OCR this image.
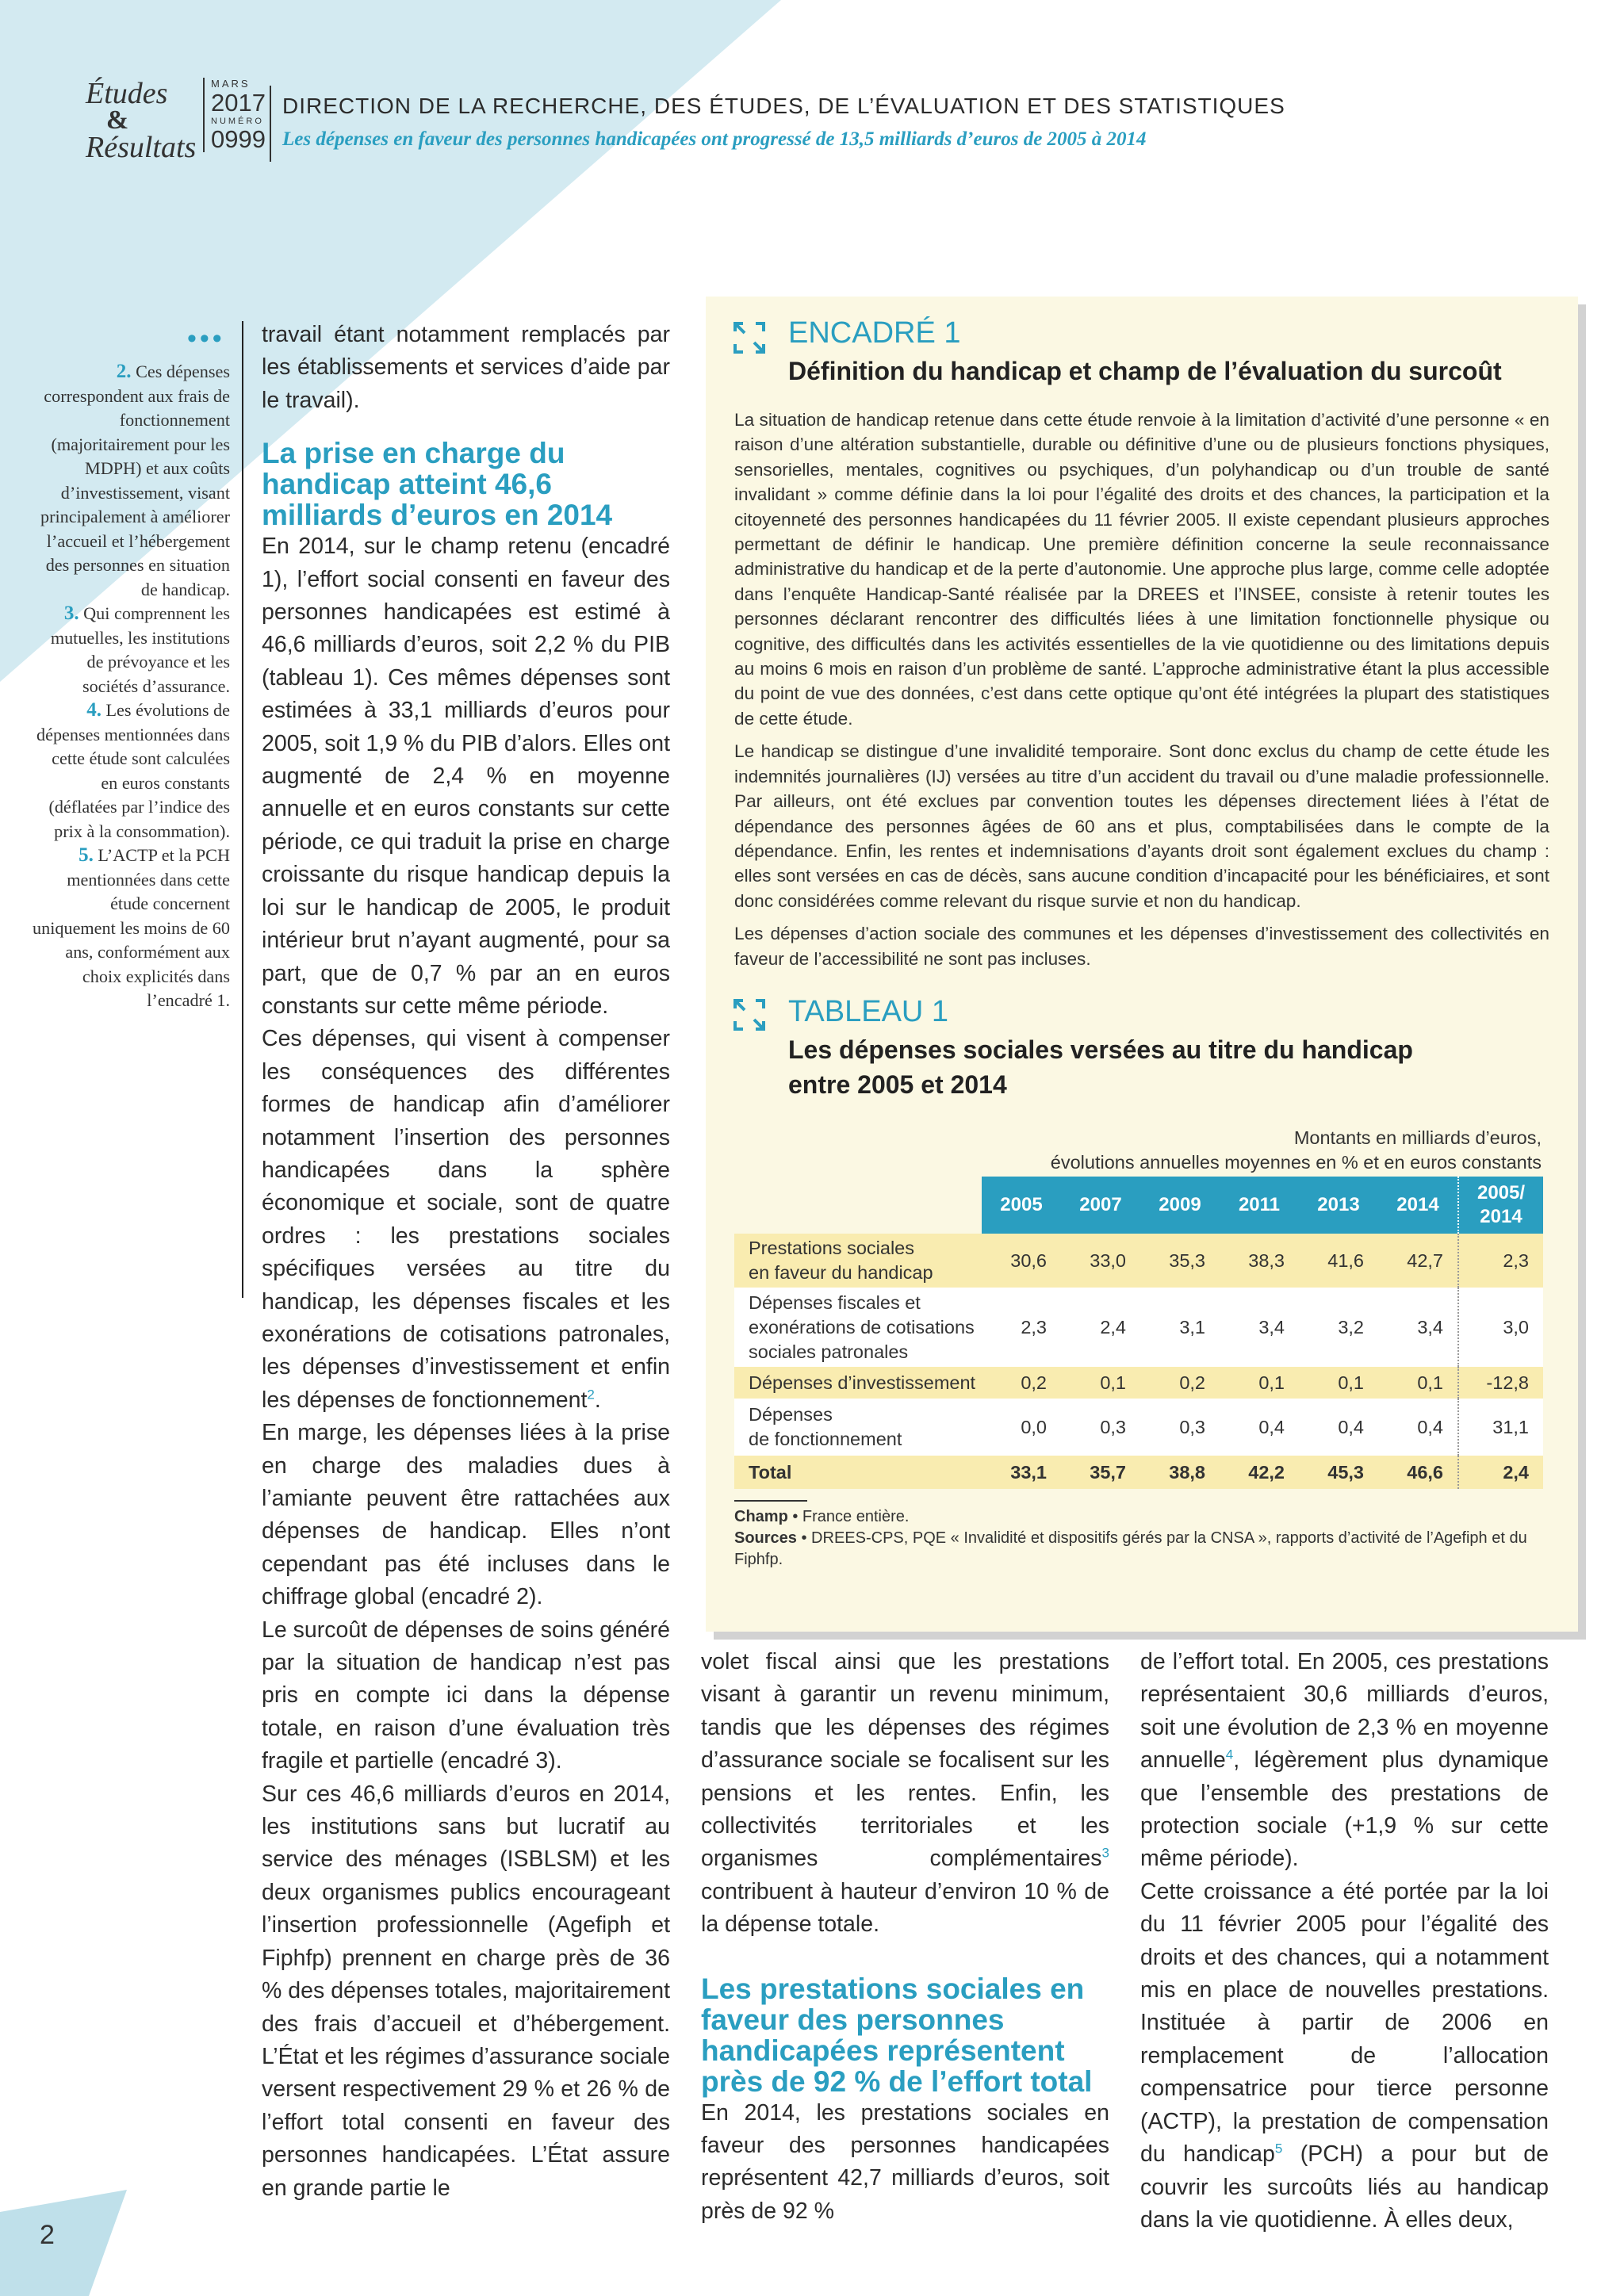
Études
&
Résultats
MARS
2017
NUMÉRO
0999
DIRECTION DE LA RECHERCHE, DES ÉTUDES, DE L’ÉVALUATION ET DES STATISTIQUES
Les dépenses en faveur des personnes handicapées ont progressé de 13,5 milliards d’euros de 2005 à 2014
•••

2. Ces dépenses correspondent aux frais de fonctionnement (majoritairement pour les MDPH) et aux coûts d’investissement, visant principalement à améliorer l’accueil et l’hébergement des personnes en situation de handicap.

3. Qui comprennent les mutuelles, les institutions de prévoyance et les sociétés d’assurance.

4. Les évolutions de dépenses mentionnées dans cette étude sont calculées en euros constants (déflatées par l’indice des prix à la consommation).

5. L’ACTP et la PCH mentionnées dans cette étude concernent uniquement les moins de 60 ans, conformément aux choix explicités dans l’encadré 1.

travail étant notamment remplacés par les établissements et services d’aide par le travail).

La prise en charge du handicap atteint 46,6 milliards d’euros en 2014

En 2014, sur le champ retenu (encadré 1), l’effort social consenti en faveur des personnes handicapées est estimé à 46,6 milliards d’euros, soit 2,2 % du PIB (tableau 1). Ces mêmes dépenses sont estimées à 33,1 milliards d’euros pour 2005, soit 1,9 % du PIB d’alors. Elles ont augmenté de 2,4 % en moyenne annuelle et en euros constants sur cette période, ce qui traduit la prise en charge croissante du risque handicap depuis la loi sur le handicap de 2005, le produit intérieur brut n’ayant augmenté, pour sa part, que de 0,7 % par an en euros constants sur cette même période.

Ces dépenses, qui visent à compenser les conséquences des différentes formes de handicap afin d’améliorer notamment l’insertion des personnes handicapées dans la sphère économique et sociale, sont de quatre ordres : les prestations sociales spécifiques versées au titre du handicap, les dépenses fiscales et les exonérations de cotisations patronales, les dépenses d’investissement et enfin les dépenses de fonctionnement$^2$.

En marge, les dépenses liées à la prise en charge des maladies dues à l’amiante peuvent être rattachées aux dépenses de handicap. Elles n’ont cependant pas été incluses dans le chiffrage global (encadré 2).

Le surcoût de dépenses de soins généré par la situation de handicap n’est pas pris en compte ici dans la dépense totale, en raison d’une évaluation très fragile et partielle (encadré 3).

Sur ces 46,6 milliards d’euros en 2014, les institutions sans but lucratif au service des ménages (ISBLSM) et les deux organismes publics encourageant l’insertion professionnelle (Agefiph et Fiphfp) prennent en charge près de 36 % des dépenses totales, majoritairement des frais d’accueil et d’hébergement. L’État et les régimes d’assurance sociale versent respectivement 29 % et 26 % de l’effort total consenti en faveur des personnes handicapées. L’État assure en grande partie le

ENCADRÉ 1
Définition du handicap et champ de l’évaluation du surcoût

La situation de handicap retenue dans cette étude renvoie à la limitation d’activité d’une personne « en raison d’une altération substantielle, durable ou définitive d’une ou de plusieurs fonctions physiques, sensorielles, mentales, cognitives ou psychiques, d’un polyhandicap ou d’un trouble de santé invalidant » comme définie dans la loi pour l’égalité des droits et des chances, la participation et la citoyenneté des personnes handicapées du 11 février 2005. Il existe cependant plusieurs approches permettant de définir le handicap. Une première définition concerne la seule reconnaissance administrative du handicap et de la perte d’autonomie. Une approche plus large, comme celle adoptée dans l’enquête Handicap-Santé réalisée par la DREES et l’INSEE, consiste à retenir toutes les personnes déclarant rencontrer des difficultés liées à une limitation fonctionnelle physique ou cognitive, des difficultés dans les activités essentielles de la vie quotidienne ou des limitations depuis au moins 6 mois en raison d’un problème de santé. L’approche administrative étant la plus accessible du point de vue des données, c’est dans cette optique qu’ont été intégrées la plupart des statistiques de cette étude.

Le handicap se distingue d’une invalidité temporaire. Sont donc exclus du champ de cette étude les indemnités journalières (IJ) versées au titre d’un accident du travail ou d’une maladie professionnelle. Par ailleurs, ont été exclues par convention toutes les dépenses directement liées à l’état de dépendance des personnes âgées de 60 ans et plus, comptabilisées dans le compte de la dépendance. Enfin, les rentes et indemnisations d’ayants droit sont également exclues du champ : elles sont versées en cas de décès, sans aucune condition d’incapacité pour les bénéficiaires, et sont donc considérées comme relevant du risque survie et non du handicap.

Les dépenses d’action sociale des communes et les dépenses d’investissement des collectivités en faveur de l’accessibilité ne sont pas incluses.

TABLEAU 1
Les dépenses sociales versées au titre du handicap
entre 2005 et 2014
Montants en milliards d’euros,
évolutions annuelles moyennes en % et en euros constants
	2005	2007	2009	2011	2013	2014	2005/
2014
Prestations sociales
en faveur du handicap	30,6	33,0	35,3	38,3	41,6	42,7	2,3
Dépenses fiscales et
exonérations de cotisations
sociales patronales	2,3	2,4	3,1	3,4	3,2	3,4	3,0
Dépenses d’investissement	0,2	0,1	0,2	0,1	0,1	0,1	-12,8
Dépenses
de fonctionnement	0,0	0,3	0,3	0,4	0,4	0,4	31,1
Total	33,1	35,7	38,8	42,2	45,3	46,6	2,4
Champ • France entière.
Sources • DREES-CPS, PQE « Invalidité et dispositifs gérés par la CNSA », rapports d’activité de l’Agefiph et du Fiphfp.

volet fiscal ainsi que les prestations visant à garantir un revenu minimum, tandis que les dépenses des régimes d’assurance sociale se focalisent sur les pensions et les rentes. Enfin, les collectivités territoriales et les organismes complémentaires$^3$ contribuent à hauteur d’environ 10 % de la dépense totale.

Les prestations sociales en faveur des personnes handicapées représentent près de 92 % de l’effort total

En 2014, les prestations sociales en faveur des personnes handicapées représentent 42,7 milliards d’euros, soit près de 92 %

de l’effort total. En 2005, ces prestations représentaient 30,6 milliards d’euros, soit une évolution de 2,3 % en moyenne annuelle$^4$, légèrement plus dynamique que l’ensemble des prestations de protection sociale (+1,9 % sur cette même période).

Cette croissance a été portée par la loi du 11 février 2005 pour l’égalité des droits et des chances, qui a notamment mis en place de nouvelles prestations. Instituée à partir de 2006 en remplacement de l’allocation compensatrice pour tierce personne (ACTP), la prestation de compensation du handicap$^5$ (PCH) a pour but de couvrir les surcoûts liés au handicap dans la vie quotidienne. À elles deux,

2
